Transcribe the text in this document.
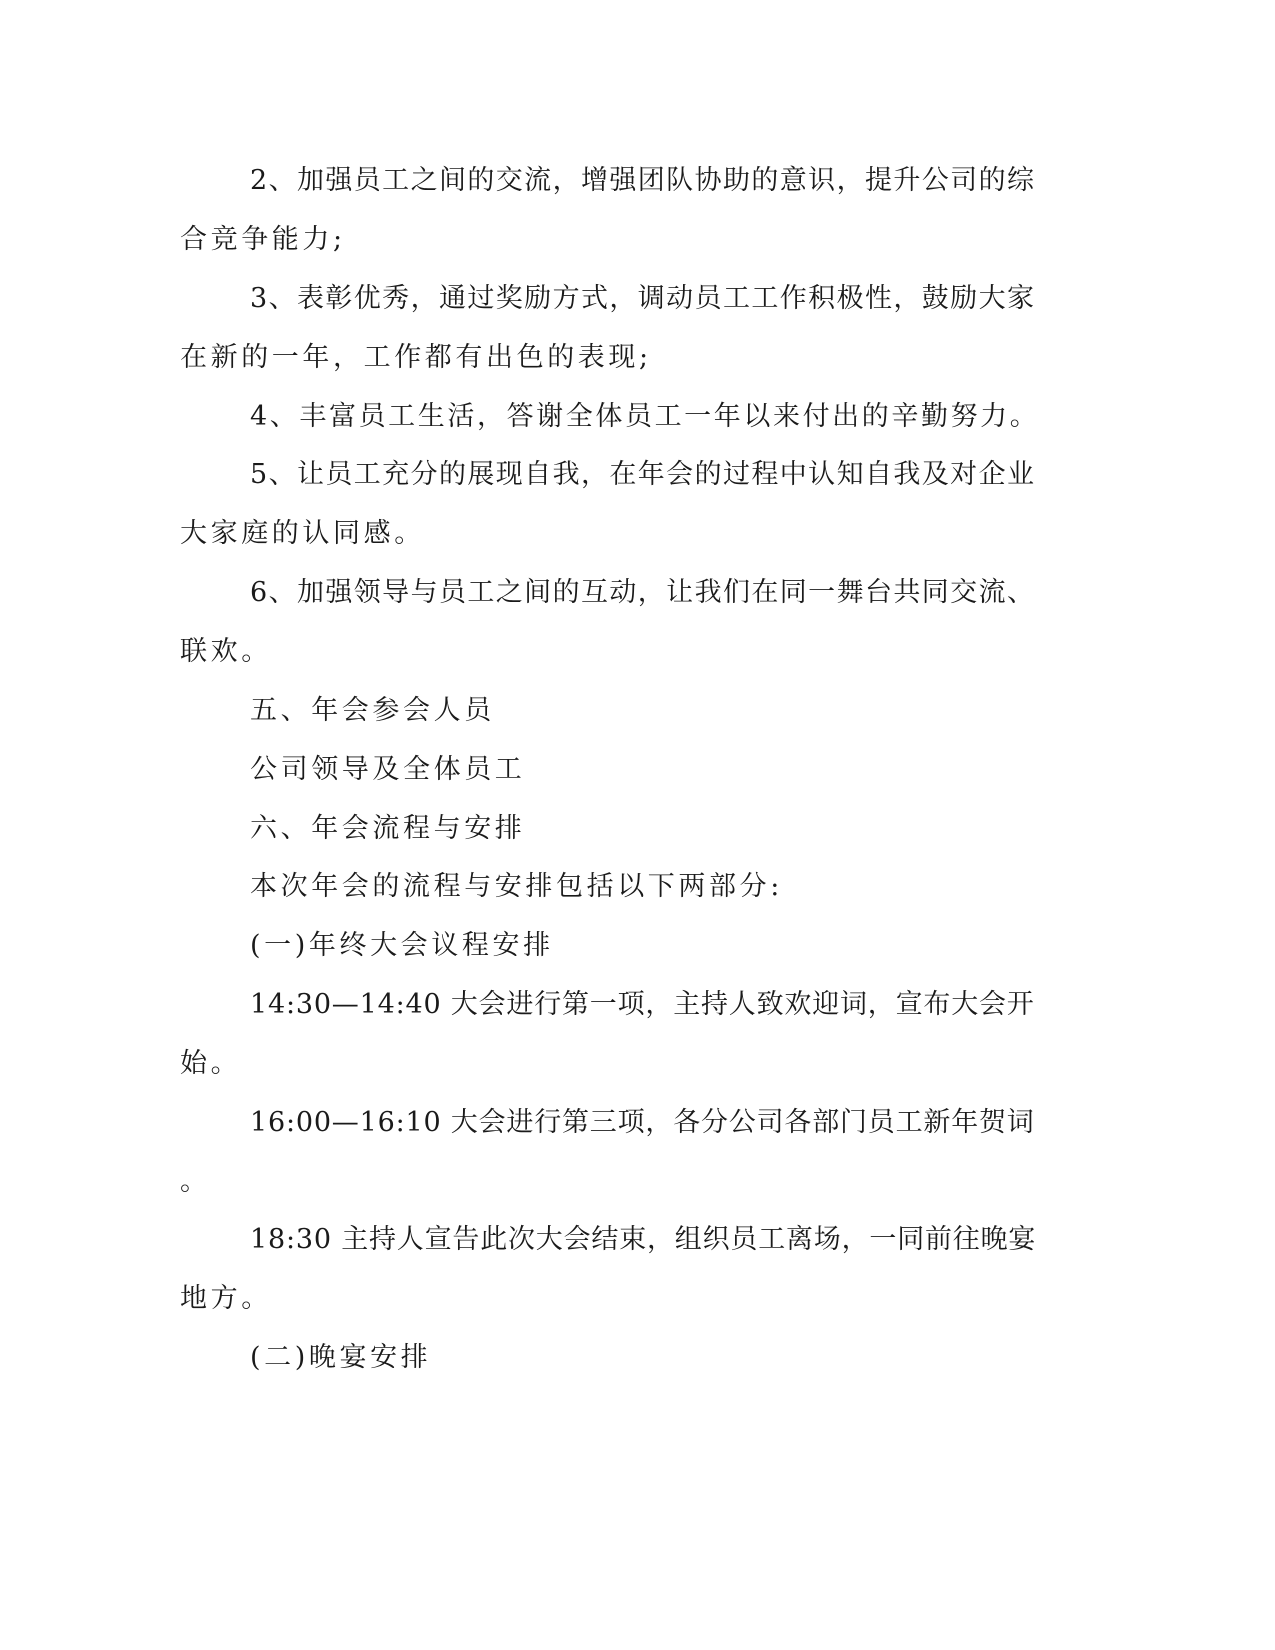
2、加强员工之间的交流，增强团队协助的意识，提升公司的综
合竞争能力;
3、表彰优秀，通过奖励方式，调动员工工作积极性，鼓励大家
在新的一年，工作都有出色的表现;
4、丰富员工生活，答谢全体员工一年以来付出的辛勤努力。
5、让员工充分的展现自我，在年会的过程中认知自我及对企业
大家庭的认同感。
6、加强领导与员工之间的互动，让我们在同一舞台共同交流、
联欢。
五、年会参会人员
公司领导及全体员工
六、年会流程与安排
本次年会的流程与安排包括以下两部分:
(一)年终大会议程安排
14:30—14:40 大会进行第一项，主持人致欢迎词，宣布大会开
始。
16:00—16:10 大会进行第三项，各分公司各部门员工新年贺词
。
18:30 主持人宣告此次大会结束，组织员工离场，一同前往晚宴
地方。
(二)晚宴安排
